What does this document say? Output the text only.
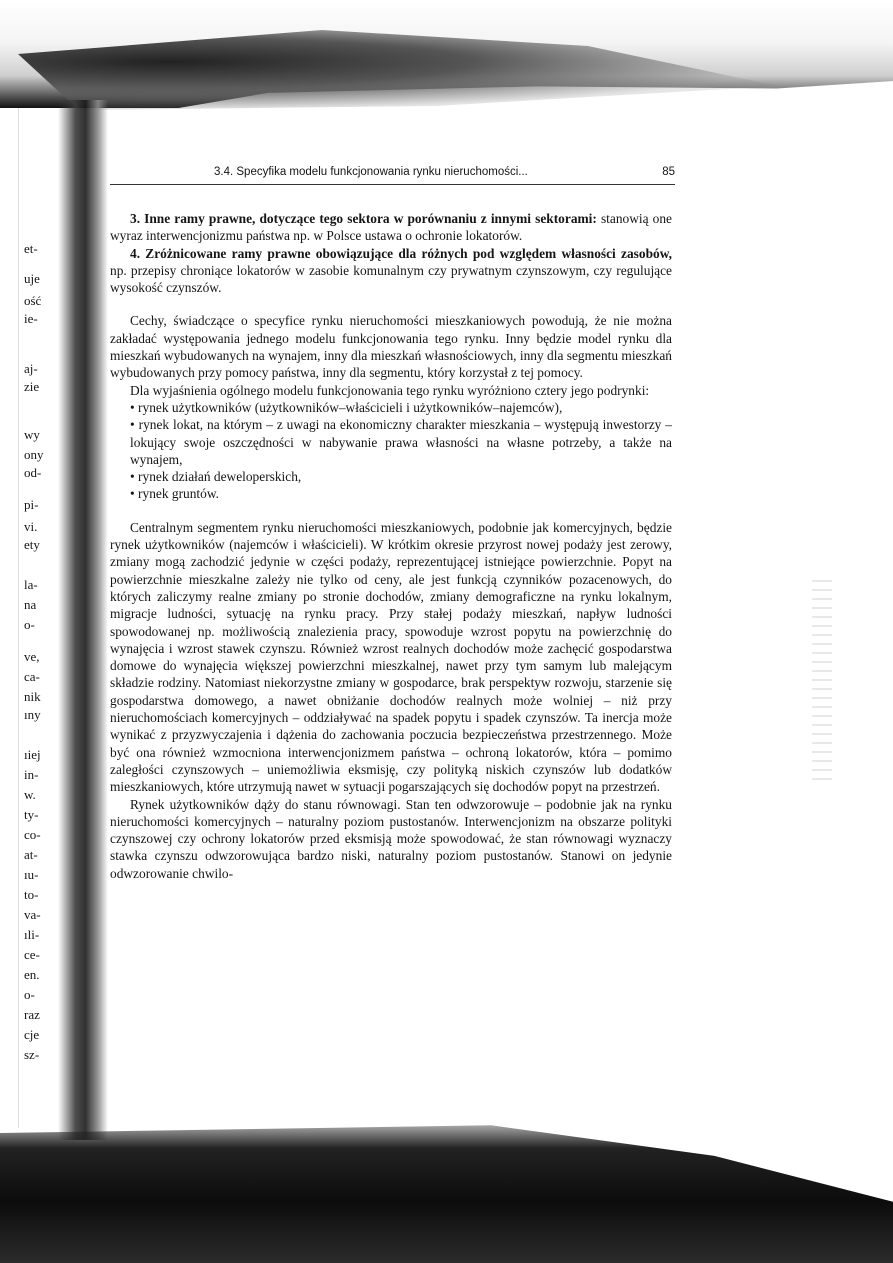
et-
uje
ość
ie-
aj-
zie
wy
ony
od-
pi-
vi.
ety
la-
na
o-
ve,
ca-
nik
ıny
ıiej
in-
w.
ty-
co-
at-
ıu-
to-
va-
ıli-
ce-
en.
o-
raz
cje
sz-
3.4. Specyfika modelu funkcjonowania rynku nieruchomości...	85

3. Inne ramy prawne, dotyczące tego sektora w porównaniu z innymi sektorami: stanowią one wyraz interwencjonizmu państwa np. w Polsce ustawa o ochronie lokatorów.

4. Zróżnicowane ramy prawne obowiązujące dla różnych pod względem własności zasobów, np. przepisy chroniące lokatorów w zasobie komunalnym czy prywatnym czynszowym, czy regulujące wysokość czynszów.

Cechy, świadczące o specyfice rynku nieruchomości mieszkaniowych powodują, że nie można zakładać występowania jednego modelu funkcjonowania tego rynku. Inny będzie model rynku dla mieszkań wybudowanych na wynajem, inny dla mieszkań własnościowych, inny dla segmentu mieszkań wybudowanych przy pomocy państwa, inny dla segmentu, który korzystał z tej pomocy.

Dla wyjaśnienia ogólnego modelu funkcjonowania tego rynku wyróżniono cztery jego podrynki:

• rynek użytkowników (użytkowników–właścicieli i użytkowników–najemców),

• rynek lokat, na którym – z uwagi na ekonomiczny charakter mieszkania – występują inwestorzy – lokujący swoje oszczędności w nabywanie prawa własności na własne potrzeby, a także na wynajem,

• rynek działań deweloperskich,

• rynek gruntów.

Centralnym segmentem rynku nieruchomości mieszkaniowych, podobnie jak komercyjnych, będzie rynek użytkowników (najemców i właścicieli). W krótkim okresie przyrost nowej podaży jest zerowy, zmiany mogą zachodzić jedynie w części podaży, reprezentującej istniejące powierzchnie. Popyt na powierzchnie mieszkalne zależy nie tylko od ceny, ale jest funkcją czynników pozacenowych, do których zaliczymy realne zmiany po stronie dochodów, zmiany demograficzne na rynku lokalnym, migracje ludności, sytuację na rynku pracy. Przy stałej podaży mieszkań, napływ ludności spowodowanej np. możliwością znalezienia pracy, spowoduje wzrost popytu na powierzchnię do wynajęcia i wzrost stawek czynszu. Również wzrost realnych dochodów może zachęcić gospodarstwa domowe do wynajęcia większej powierzchni mieszkalnej, nawet przy tym samym lub malejącym składzie rodziny. Natomiast niekorzystne zmiany w gospodarce, brak perspektyw rozwoju, starzenie się gospodarstwa domowego, a nawet obniżanie dochodów realnych może wolniej – niż przy nieruchomościach komercyjnych – oddziaływać na spadek popytu i spadek czynszów. Ta inercja może wynikać z przyzwyczajenia i dążenia do zachowania poczucia bezpieczeństwa przestrzennego. Może być ona również wzmocniona interwencjonizmem państwa – ochroną lokatorów, która – pomimo zaległości czynszowych – uniemożliwia eksmisję, czy polityką niskich czynszów lub dodatków mieszkaniowych, które utrzymują nawet w sytuacji pogarszających się dochodów popyt na przestrzeń.

Rynek użytkowników dąży do stanu równowagi. Stan ten odwzorowuje – podobnie jak na rynku nieruchomości komercyjnych – naturalny poziom pustostanów. Interwencjonizm na obszarze polityki czynszowej czy ochrony lokatorów przed eksmisją może spowodować, że stan równowagi wyznaczy stawka czynszu odwzorowująca bardzo niski, naturalny poziom pustostanów. Stanowi on jedynie odwzorowanie chwilo-
